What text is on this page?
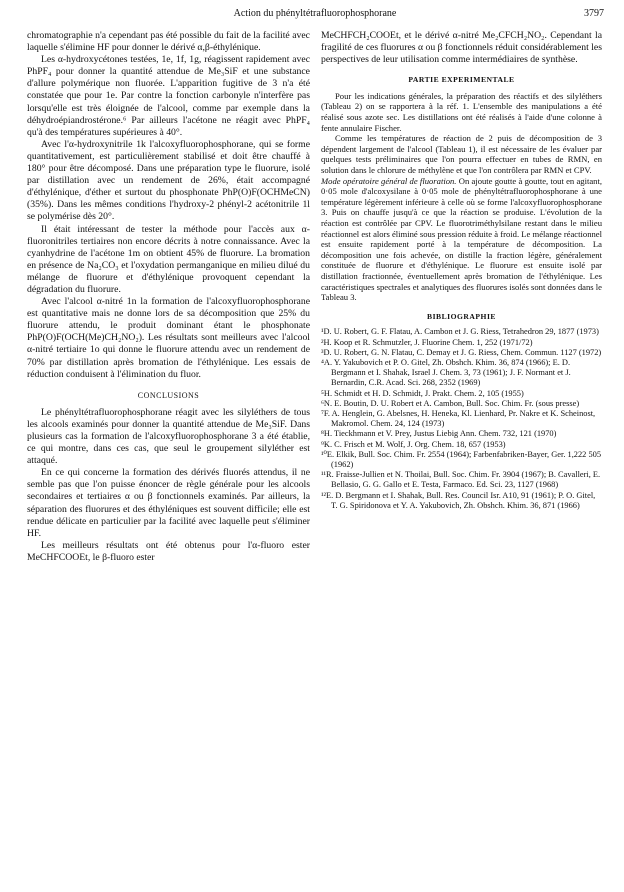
Action du phényltétrafluorophosphorane	3797

chromatographie n'a cependant pas été possible du fait de la facilité avec laquelle s'élimine HF pour donner le dérivé α,β-éthylénique.

Les α-hydroxycétones testées, 1e, 1f, 1g, réagissent rapidement avec PhPF₄ pour donner la quantité attendue de Me₃SiF et une substance d'allure polymérique non fluorée. L'apparition fugitive de 3 n'a été constatée que pour 1e. Par contre la fonction carbonyle n'interfère pas lorsqu'elle est très éloignée de l'alcool, comme par exemple dans la déhydroépiandrostérone.⁶ Par ailleurs l'acétone ne réagit avec PhPF₄ qu'à des températures supérieures à 40°.

Avec l'α-hydroxynitrile 1k l'alcoxyfluorophosphorane, qui se forme quantitativement, est particulièrement stabilisé et doit être chauffé à 180° pour être décomposé. Dans une préparation type le fluorure, isolé par distillation avec un rendement de 26%, était accompagné d'éthylénique, d'éther et surtout du phosphonate PhP(O)F(OCHMeCN) (35%). Dans les mêmes conditions l'hydroxy-2 phényl-2 acétonitrile 1l se polymérise dès 20°.

Il était intéressant de tester la méthode pour l'accès aux α-fluoronitriles tertiaires non encore décrits à notre connaissance. Avec la cyanhydrine de l'acétone 1m on obtient 45% de fluorure. La bromation en présence de Na₂CO₃ et l'oxydation permanganique en milieu dilué du mélange de fluorure et d'éthylénique provoquent cependant la dégradation du fluorure.

Avec l'alcool α-nitré 1n la formation de l'alcoxyfluorophosphorane est quantitative mais ne donne lors de sa décomposition que 25% du fluorure attendu, le produit dominant étant le phosphonate PhP(O)F(OCH(Me)CH₂NO₂). Les résultats sont meilleurs avec l'alcool α-nitré tertiaire 1o qui donne le fluorure attendu avec un rendement de 70% par distillation après bromation de l'éthylénique. Les essais de réduction conduisent à l'élimination du fluor.

CONCLUSIONS

Le phényltétrafluorophosphorane réagit avec les silyléthers de tous les alcools examinés pour donner la quantité attendue de Me₃SiF. Dans plusieurs cas la formation de l'alcoxyfluorophosphorane 3 a été établie, ce qui montre, dans ces cas, que seul le groupement silyléther est attaqué.

En ce qui concerne la formation des dérivés fluorés attendus, il ne semble pas que l'on puisse énoncer de règle générale pour les alcools secondaires et tertiaires α ou β fonctionnels examinés. Par ailleurs, la séparation des fluorures et des éthyléniques est souvent difficile; elle est rendue délicate en particulier par la facilité avec laquelle peut s'éliminer HF.

Les meilleurs résultats ont été obtenus pour l'α-fluoro ester MeCHFCOOEt, le β-fluoro ester

MeCHFCH₂COOEt, et le dérivé α-nitré Me₂CFCH₂NO₂. Cependant la fragilité de ces fluorures α ou β fonctionnels réduit considérablement les perspectives de leur utilisation comme intermédiaires de synthèse.

PARTIE EXPERIMENTALE

Pour les indications générales, la préparation des réactifs et des silyléthers (Tableau 2) on se rapportera à la réf. 1. L'ensemble des manipulations a été réalisé sous azote sec. Les distillations ont été réalisés à l'aide d'une colonne à fente annulaire Fischer.

Comme les températures de réaction de 2 puis de décomposition de 3 dépendent largement de l'alcool (Tableau 1), il est nécessaire de les évaluer par quelques tests préliminaires que l'on pourra effectuer en tubes de RMN, en solution dans le chlorure de méthylène et que l'on contrôlera par RMN et CPV.

Mode opératoire général de fluoration. On ajoute goutte à goutte, tout en agitant, 0·05 mole d'alcoxysilane à 0·05 mole de phényltétrafluorophosphorane à une température légèrement inférieure à celle où se forme l'alcoxyfluorophosphorane 3. Puis on chauffe jusqu'à ce que la réaction se produise. L'évolution de la réaction est contrôlée par CPV. Le fluorotriméthylsilane restant dans le milieu réactionnel est alors éliminé sous pression réduite à froid. Le mélange réactionnel est ensuite rapidement porté à la température de décomposition. La décomposition une fois achevée, on distille la fraction légère, généralement constituée de fluorure et d'éthylénique. Le fluorure est ensuite isolé par distillation fractionnée, éventuellement après bromation de l'éthylénique. Les caractéristiques spectrales et analytiques des fluorures isolés sont données dans le Tableau 3.

BIBLIOGRAPHIE

¹D. U. Robert, G. F. Flatau, A. Cambon et J. G. Riess, Tetrahedron 29, 1877 (1973)

²H. Koop et R. Schmutzler, J. Fluorine Chem. 1, 252 (1971/72)

³D. U. Robert, G. N. Flatau, C. Demay et J. G. Riess, Chem. Commun. 1127 (1972)

⁴A. Y. Yakubovich et P. O. Gitel, Zh. Obshch. Khim. 36, 874 (1966); E. D. Bergmann et I. Shahak, Israel J. Chem. 3, 73 (1961); J. F. Normant et J. Bernardin, C.R. Acad. Sci. 268, 2352 (1969)

⁵H. Schmidt et H. D. Schmidt, J. Prakt. Chem. 2, 105 (1955)

⁶N. E. Boutin, D. U. Robert et A. Cambon, Bull. Soc. Chim. Fr. (sous presse)

⁷F. A. Henglein, G. Abelsnes, H. Heneka, Kl. Lienhard, Pr. Nakre et K. Scheinost, Makromol. Chem. 24, 124 (1973)

⁸H. Tieckhmann et V. Prey, Justus Liebig Ann. Chem. 732, 121 (1970)

⁹K. C. Frisch et M. Wolf, J. Org. Chem. 18, 657 (1953)

¹⁰E. Elkik, Bull. Soc. Chim. Fr. 2554 (1964); Farbenfabriken-Bayer, Ger. 1,222 505 (1962)

¹¹R. Fraisse-Jullien et N. Thoilai, Bull. Soc. Chim. Fr. 3904 (1967); B. Cavalleri, E. Bellasio, G. G. Gallo et E. Testa, Farmaco. Ed. Sci. 23, 1127 (1968)

¹²E. D. Bergmann et I. Shahak, Bull. Res. Council Isr. A10, 91 (1961); P. O. Gitel, T. G. Spiridonova et Y. A. Yakubovich, Zh. Obshch. Khim. 36, 871 (1966)
